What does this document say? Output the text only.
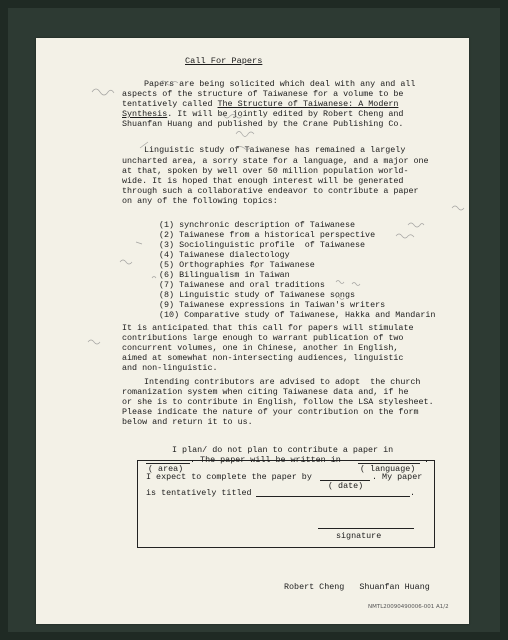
Call For Papers
Papers are being solicited which deal with any and all
aspects of the structure of Taiwanese for a volume to be
tentatively called The Structure of Taiwanese: A Modern
Synthesis. It will be jointly edited by Robert Cheng and
Shuanfan Huang and published by the Crane Publishing Co.
Linguistic study of Taiwanese has remained a largely
uncharted area, a sorry state for a language, and a major one
at that, spoken by well over 50 million population world-
wide. It is hoped that enough interest will be generated
through such a collaborative endeavor to contribute a paper
on any of the following topics:
(1) synchronic description of Taiwanese
(2) Taiwanese from a historical perspective
(3) Sociolinguistic profile  of Taiwanese
(4) Taiwanese dialectology
(5) Orthographies for Taiwanese
(6) Bilingualism in Taiwan
(7) Taiwanese and oral traditions
(8) Linguistic study of Taiwanese songs
(9) Taiwanese expressions in Taiwan's writers
(10) Comparative study of Taiwanese, Hakka and Mandarin
It is anticipated that this call for papers will stimulate
contributions large enough to warrant publication of two
concurrent volumes, one in Chinese, another in English,
aimed at somewhat non-intersecting audiences, linguistic
and non-linguistic.
Intending contributors are advised to adopt  the church
romanization system when citing Taiwanese data and, if he
or she is to contribute in English, follow the LSA stylesheet.
Please indicate the nature of your contribution on the form
below and return it to us.
I plan/ do not plan to contribute a paper in
. The paper will be written in	.
( area)	( language)
I expect to complete the paper by	. My paper
( date)
is tentatively titled	.
signature
Robert Cheng   Shuanfan Huang
NMTL20090490006-001 A1/2
